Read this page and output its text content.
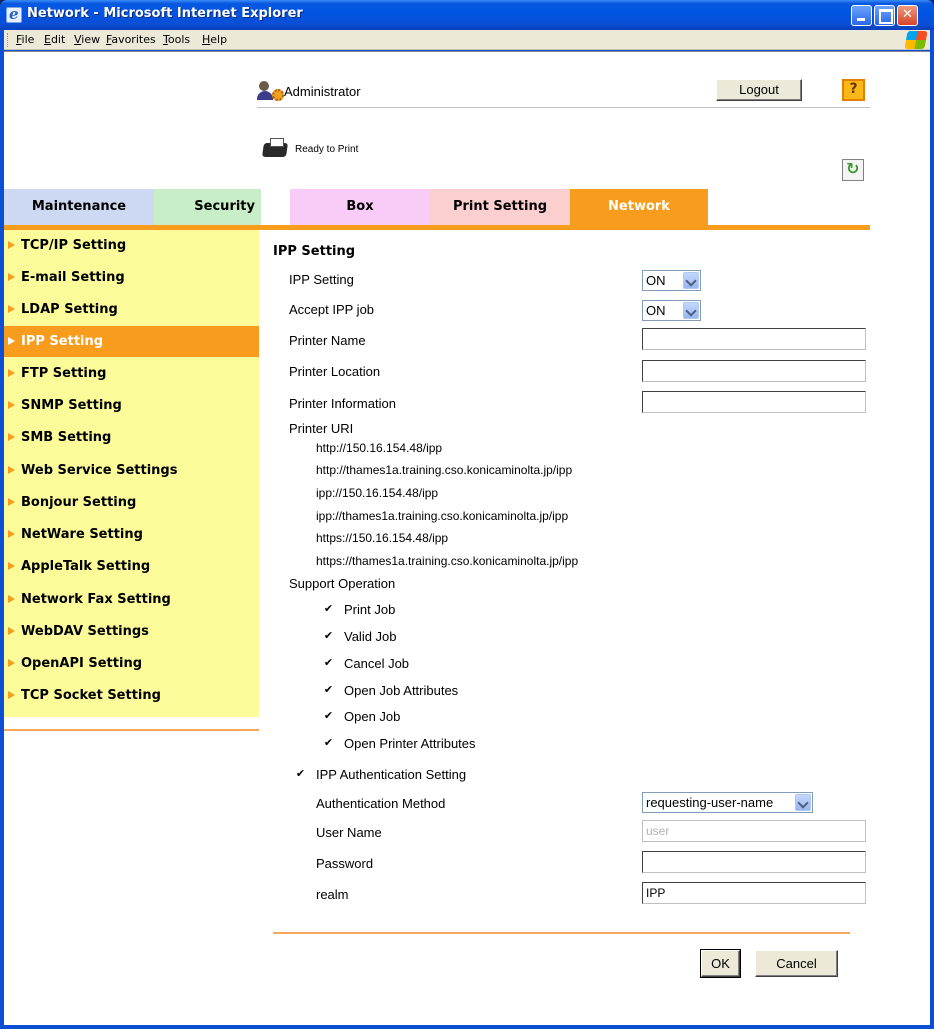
e
Network - Microsoft Internet Explorer
✕
File Edit View Favorites Tools Help
Administrator	Logout	?
Ready to Print
↻
Maintenance	Security	Box	Print Setting	Network
TCP/IP Setting
E-mail Setting
LDAP Setting
IPP Setting
FTP Setting
SNMP Setting
SMB Setting
Web Service Settings
Bonjour Setting
NetWare Setting
AppleTalk Setting
Network Fax Setting
WebDAV Settings
OpenAPI Setting
TCP Socket Setting
IPP Setting
IPP Setting	ON
Accept IPP job	ON
Printer Name
Printer Location
Printer Information
Printer URI
http://150.16.154.48/ipp
http://thames1a.training.cso.konicaminolta.jp/ipp
ipp://150.16.154.48/ipp
ipp://thames1a.training.cso.konicaminolta.jp/ipp
https://150.16.154.48/ipp
https://thames1a.training.cso.konicaminolta.jp/ipp
Support Operation
✔
Print Job
✔
Valid Job
✔
Cancel Job
✔
Open Job Attributes
✔
Open Job
✔
Open Printer Attributes
✔
IPP Authentication Setting
Authentication Method	requesting-user-name
User Name	user
Password
realm	IPP
OK	Cancel
